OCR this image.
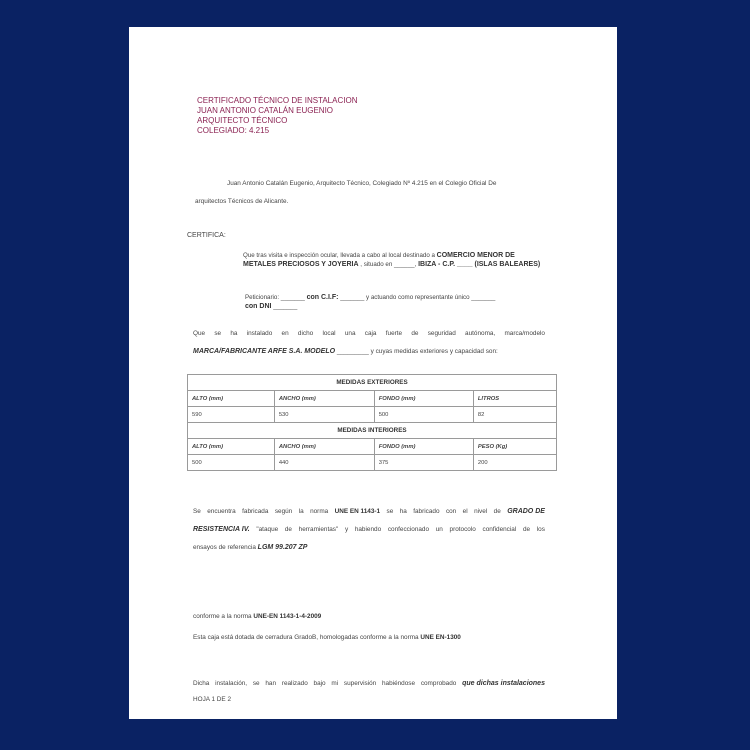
CERTIFICADO TÉCNICO DE INSTALACION
JUAN ANTONIO CATALÁN EUGENIO
ARQUITECTO TÉCNICO
COLEGIADO: 4.215
Juan Antonio Catalán Eugenio, Arquitecto Técnico, Colegiado Nº 4.215 en el Colegio Oficial De
arquitectos Técnicos de Alicante.
CERTIFICA:
Que tras visita e inspección ocular, llevada a cabo al local destinado a COMERCIO MENOR DE METALES PRECIOSOS Y JOYERIA , situado en ______, IBIZA - C.P. ____ (ISLAS BALEARES)
Peticionario: _______ con C.I.F: _______ y actuando como representante único _______
con DNI _______
Que se ha instalado en dicho local una caja fuerte de seguridad autónoma, marca/modelo
MARCA/FABRICANTE ARFE S.A. MODELO _________ y cuyas medidas exteriores y capacidad son:
MEDIDAS EXTERIORES			
ALTO (mm)	ANCHO (mm)	FONDO (mm)	LITROS
590	530	500	82
MEDIDAS INTERIORES			
ALTO (mm)	ANCHO (mm)	FONDO (mm)	PESO (Kg)
500	440	375	200
Se encuentra fabricada según la norma UNE EN 1143-1 se ha fabricado con el nivel de GRADO DE
RESISTENCIA IV. "ataque de herramientas" y habiendo confeccionado un protocolo confidencial de los
ensayos de referencia LGM 99.207 ZP
conforme a la norma UNE-EN 1143-1-4-2009
Esta caja está dotada de cerradura GradoB, homologadas conforme a la norma UNE EN-1300
Dicha instalación, se han realizado bajo mi supervisión habiéndose comprobado que dichas instalaciones
HOJA 1 DE 2
